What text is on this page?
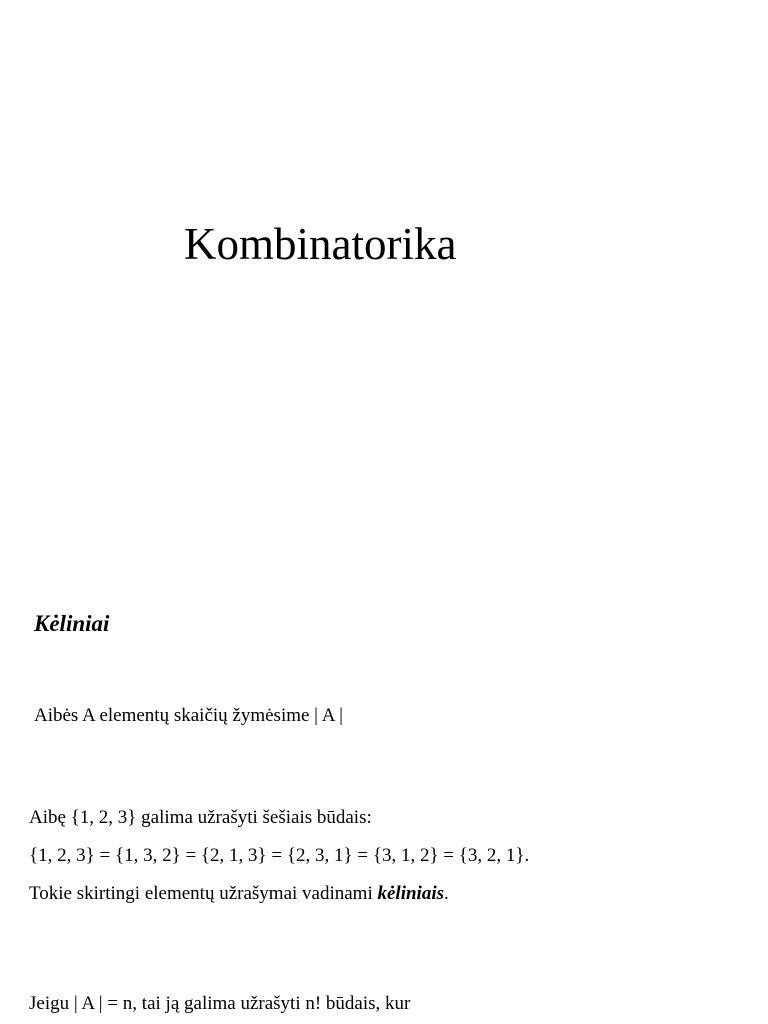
Kombinatorika
Kėliniai

Aibės A elementų skaičių žymėsime | A |

Aibę {1, 2, 3} galima užrašyti šešiais būdais:

{1, 2, 3} = {1, 3, 2} = {2, 1, 3} = {2, 3, 1} = {3, 1, 2} = {3, 2, 1}.

Tokie skirtingi elementų užrašymai vadinami kėliniais.

Jeigu | A | = n, tai ją galima užrašyti n! būdais, kur
